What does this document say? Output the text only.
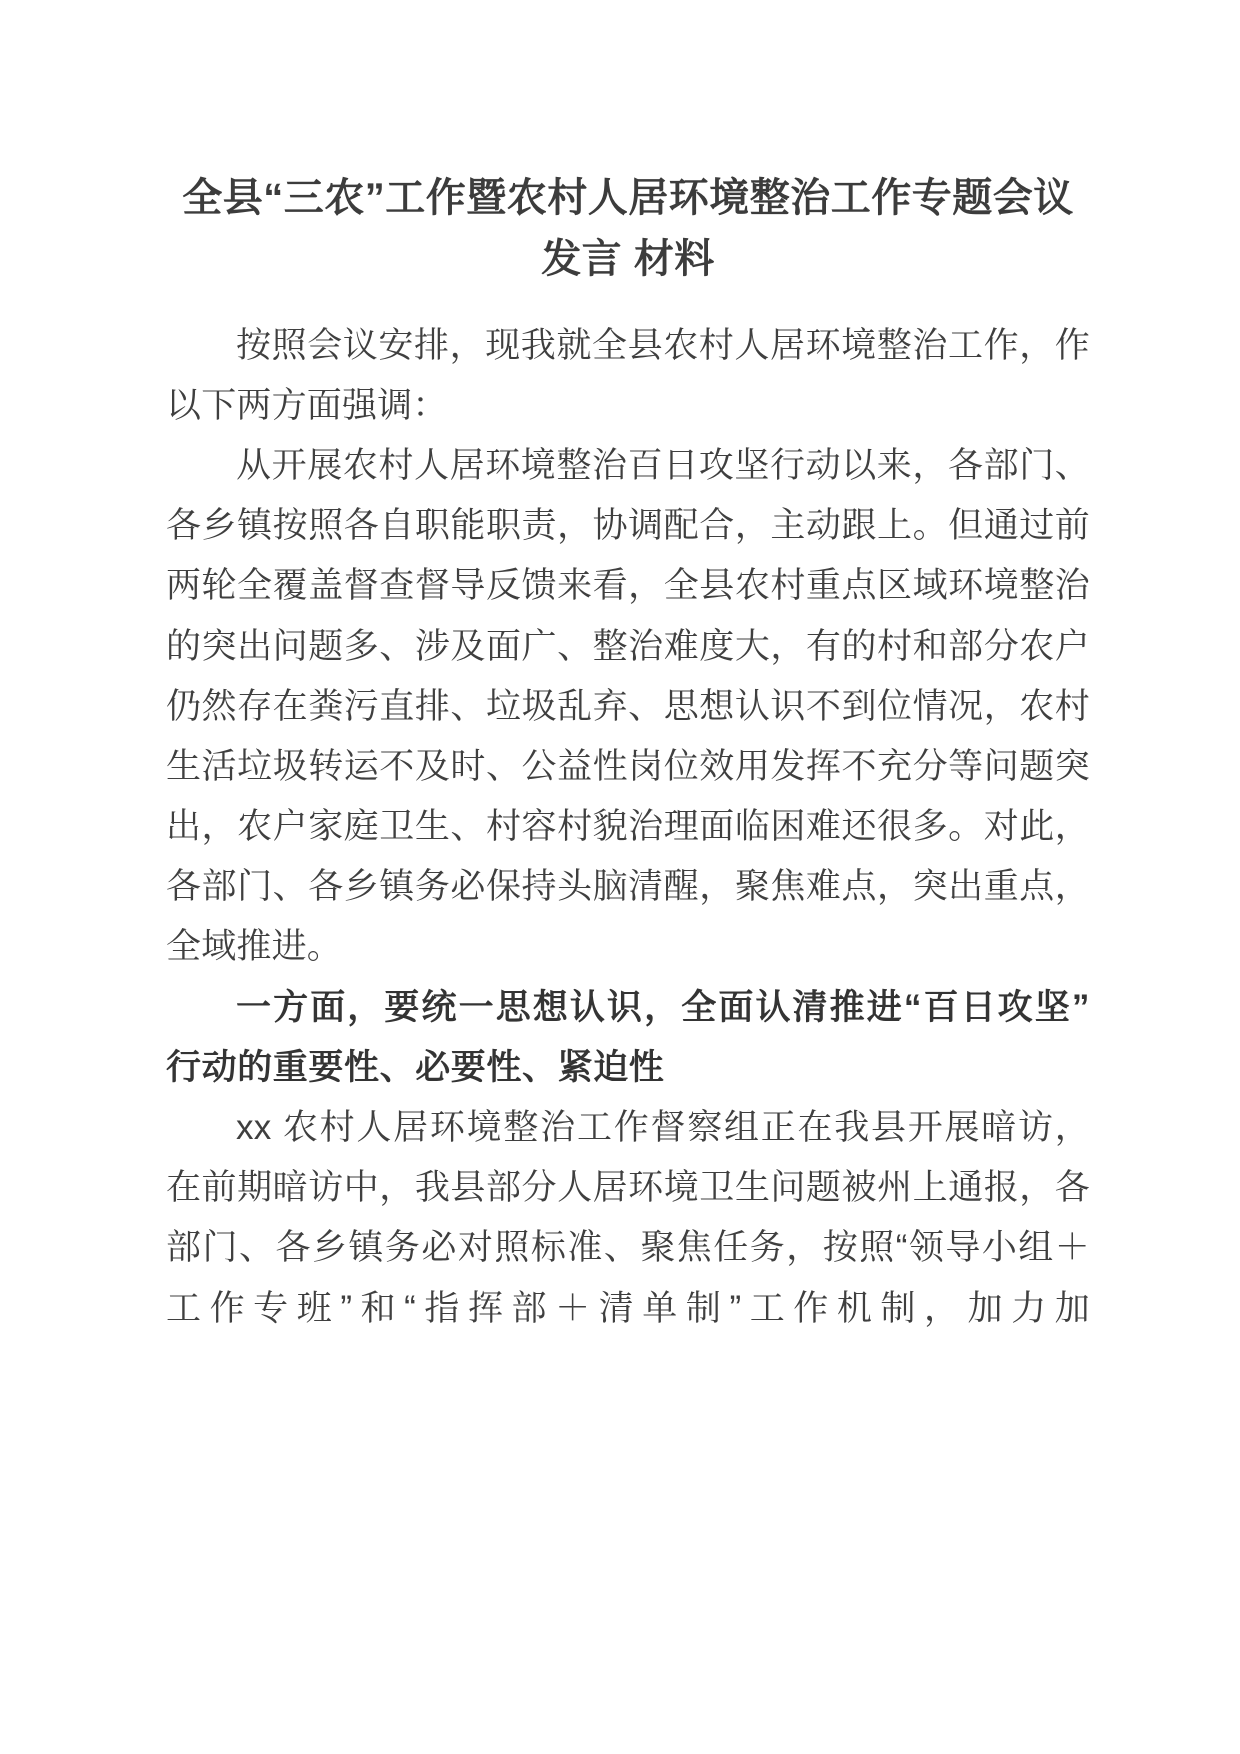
全县“三农”工作暨农村人居环境整治工作专题会议发言 材料

按照会议安排，现我就全县农村人居环境整治工作，作以下两方面强调：

从开展农村人居环境整治百日攻坚行动以来，各部门、各乡镇按照各自职能职责，协调配合，主动跟上。但通过前两轮全覆盖督查督导反馈来看，全县农村重点区域环境整治的突出问题多、涉及面广、整治难度大，有的村和部分农户仍然存在粪污直排、垃圾乱弃、思想认识不到位情况，农村生活垃圾转运不及时、公益性岗位效用发挥不充分等问题突出，农户家庭卫生、村容村貌治理面临困难还很多。对此，各部门、各乡镇务必保持头脑清醒，聚焦难点，突出重点，全域推进。

一方面，要统一思想认识，全面认清推进“百日攻坚”行动的重要性、必要性、紧迫性

xx 农村人居环境整治工作督察组正在我县开展暗访，在前期暗访中，我县部分人居环境卫生问题被州上通报，各部门、各乡镇务必对照标准、聚焦任务，按照“领导小组＋工作专班”和“指挥部＋清单制”工作机制，加力加
